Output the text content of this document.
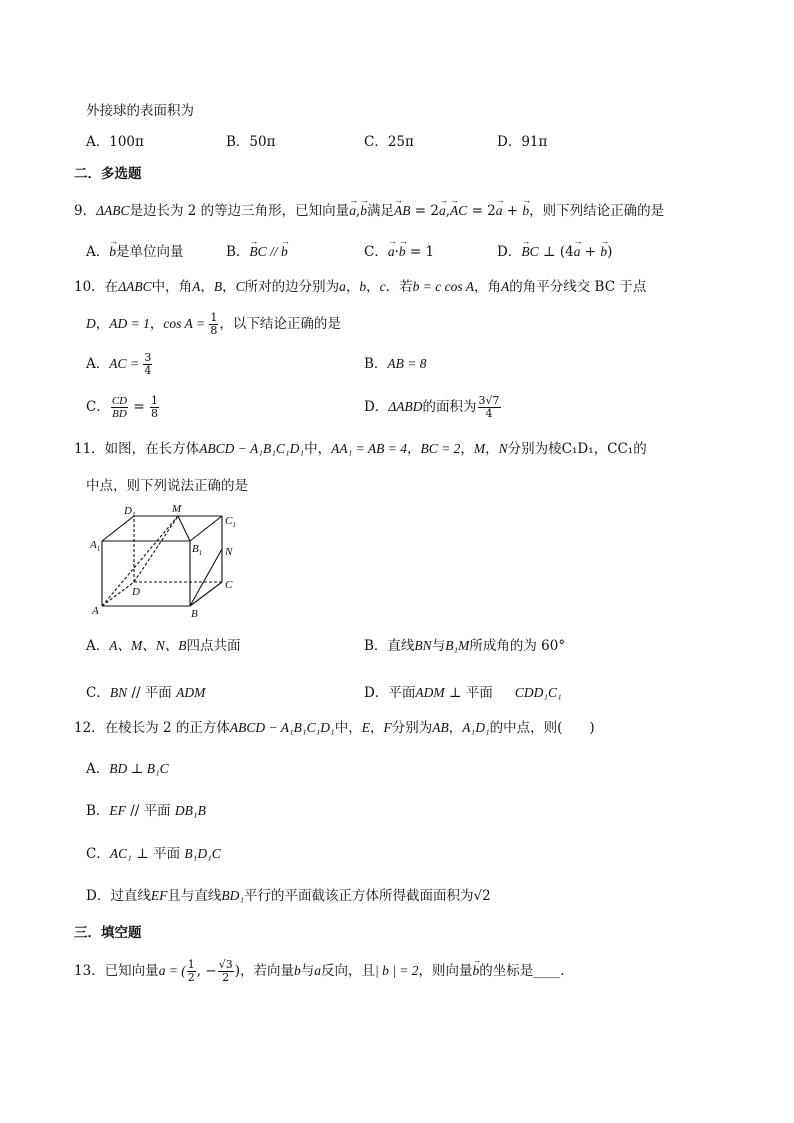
外接球的表面积为
A．100π	B．50π	C．25π	D．91π
二．多选题
9．ΔABC是边长为 2 的等边三角形，已知向量→ a,→ b满足→ AB = 2→ a,→ AC = 2→ a + → b，则下列结论正确的是
A．→ b是单位向量	B．→ BC // → b	C．→ a·→ b = 1	D．→ BC ⊥ (4→ a + → b)
10．在ΔABC中，角A，B，C所对的边分别为a，b，c．若b = c cos A，角A的角平分线交 BC 于点
D，AD = 1，$\cos A = \frac{1}{8}$ ，以下结论正确的是
A．AC = $\frac{3}{4}$	B．AB = 8
C． $\frac{CD}{BD} = \frac{1}{8}$	D．ΔABD的面积为 $\frac{3√7}{4}$
11．如图，在长方体ABCD − A₁B₁C₁D₁中，AA₁ = AB = 4，BC = 2，M，N分别为棱C₁D₁，CC₁的
中点，则下列说法正确的是
$D_1$	M
$C_1$
$A_1$	$B_1$ N
D
C
A	B
A．A、M、N、B四点共面	B．直线BN与B₁M所成角的为 60°
C．BN // 平面 ADM	D．平面ADM ⊥ 平面 CDD₁C₁
12．在棱长为 2 的正方体ABCD − A₁B₁C₁D₁中，E，F分别为AB，A₁D₁的中点，则(　　)
A．BD ⊥ B₁C
B．EF // 平面 DB₁B
C．AC₁ ⊥ 平面 B₁D₁C
D．过直线EF且与直线BD₁平行的平面截该正方体所得截面面积为√2
三．填空题
13．已知向量a = ( $\frac{1}{2}$ , − $\frac{√3}{2}$ )，若向量b与a反向，且| b | = 2，则向量→ b的坐标是____．
